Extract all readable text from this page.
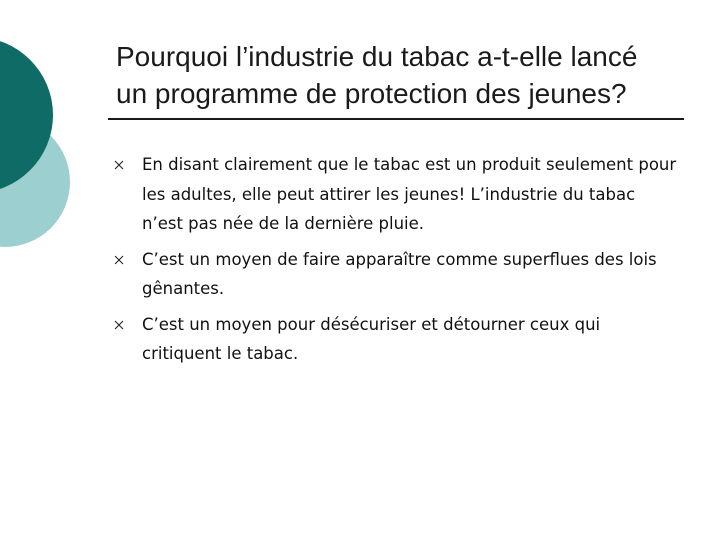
Pourquoi l’industrie du tabac a-t-elle lancé
un programme de protection des jeunes?
En disant clairement que le tabac est un produit seulement pour
les adultes, elle peut attirer les jeunes! L’industrie du tabac
n’est pas née de la dernière pluie.
C’est un moyen de faire apparaître comme superflues des lois
gênantes.
C’est un moyen pour désécuriser et détourner ceux qui
critiquent le tabac.
